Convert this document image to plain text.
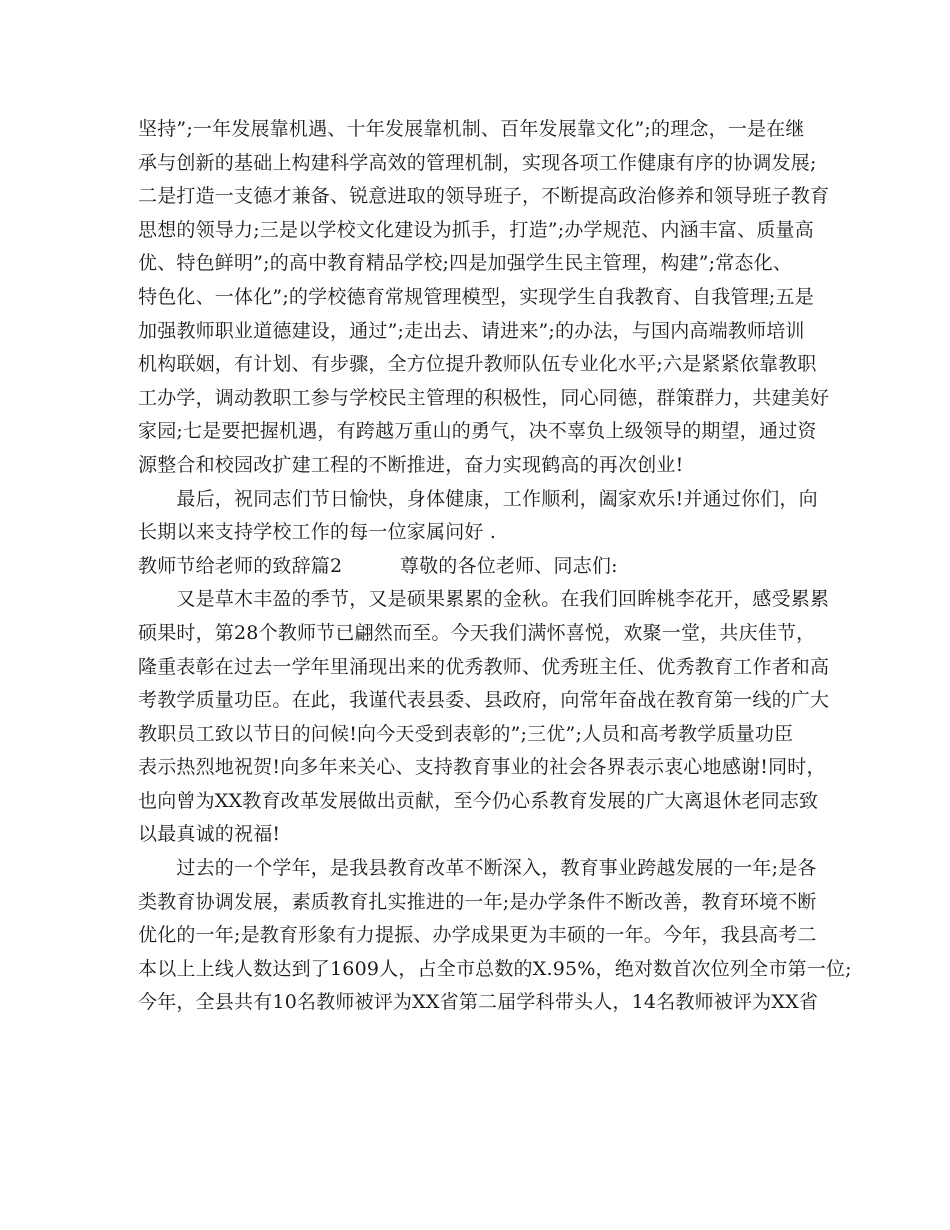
坚持”;一年发展靠机遇、十年发展靠机制、百年发展靠文化”;的理念，一是在继
承与创新的基础上构建科学高效的管理机制，实现各项工作健康有序的协调发展;
二是打造一支德才兼备、锐意进取的领导班子，不断提高政治修养和领导班子教育
思想的领导力;三是以学校文化建设为抓手，打造”;办学规范、内涵丰富、质量高
优、特色鲜明”;的高中教育精品学校;四是加强学生民主管理，构建”;常态化、
特色化、一体化”;的学校德育常规管理模型，实现学生自我教育、自我管理;五是
加强教师职业道德建设，通过”;走出去、请进来”;的办法，与国内高端教师培训
机构联姻，有计划、有步骤，全方位提升教师队伍专业化水平;六是紧紧依靠教职
工办学，调动教职工参与学校民主管理的积极性，同心同德，群策群力，共建美好
家园;七是要把握机遇，有跨越万重山的勇气，决不辜负上级领导的期望，通过资
源整合和校园改扩建工程的不断推进，奋力实现鹤高的再次创业!
　　最后，祝同志们节日愉快，身体健康，工作顺利，阖家欢乐!并通过你们，向
长期以来支持学校工作的每一位家属问好 .
教师节给老师的致辞篇2　　　尊敬的各位老师、同志们:
　　又是草木丰盈的季节，又是硕果累累的金秋。在我们回眸桃李花开，感受累累
硕果时，第28个教师节已翩然而至。今天我们满怀喜悦，欢聚一堂，共庆佳节，
隆重表彰在过去一学年里涌现出来的优秀教师、优秀班主任、优秀教育工作者和高
考教学质量功臣。在此，我谨代表县委、县政府，向常年奋战在教育第一线的广大
教职员工致以节日的问候!向今天受到表彰的”;三优”;人员和高考教学质量功臣
表示热烈地祝贺!向多年来关心、支持教育事业的社会各界表示衷心地感谢!同时，
也向曾为XX教育改革发展做出贡献，至今仍心系教育发展的广大离退休老同志致
以最真诚的祝福!
　　过去的一个学年，是我县教育改革不断深入，教育事业跨越发展的一年;是各
类教育协调发展，素质教育扎实推进的一年;是办学条件不断改善，教育环境不断
优化的一年;是教育形象有力提振、办学成果更为丰硕的一年。今年，我县高考二
本以上上线人数达到了1609人，占全市总数的X.95%，绝对数首次位列全市第一位;
今年，全县共有10名教师被评为XX省第二届学科带头人，14名教师被评为XX省
